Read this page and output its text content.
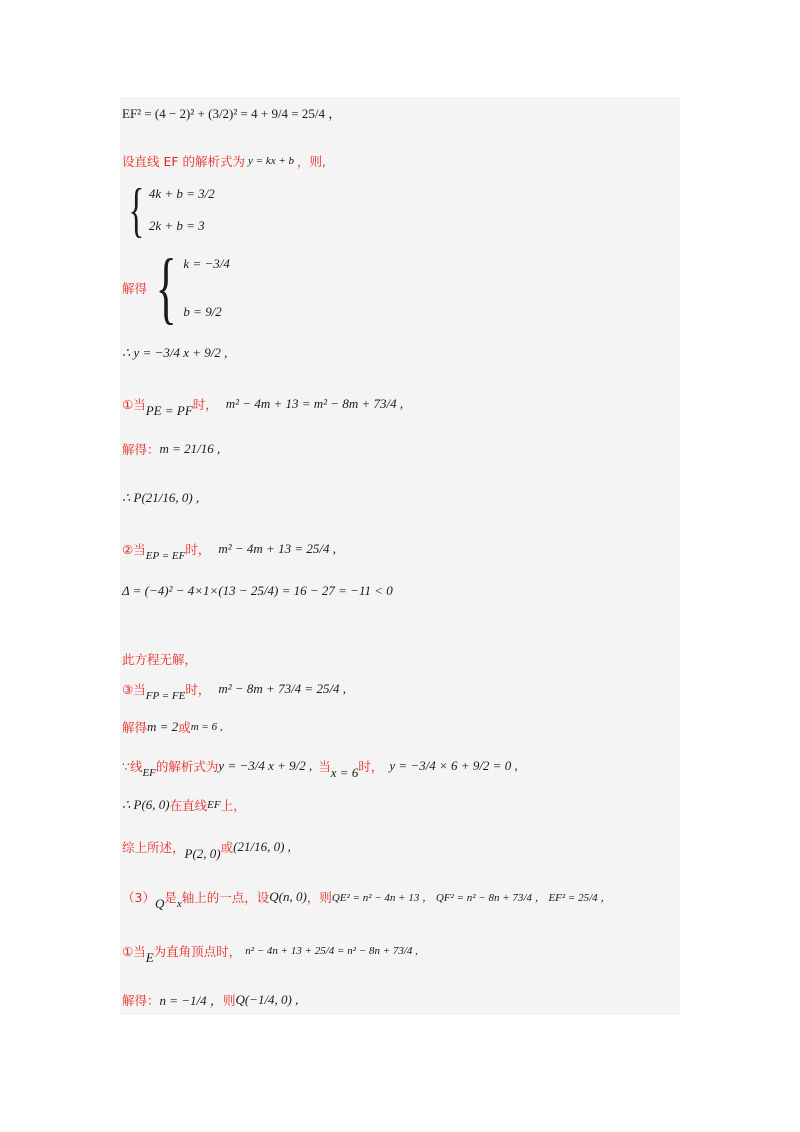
EF² = (4 − 2)² + (3/2)² = 4 + 9/4 = 25/4 ，
设直线 EF 的解析式为 y = kx + b ，则,
{ 4k + b = 3/2
2k + b = 3
解得 { k = −3/4
b = 9/2
∴ y = −3/4 x + 9/2 ,
①当 PE = PF 时， m² − 4m + 13 = m² − 8m + 73/4 ,
解得： m = 21/16 ,
∴ P(21/16, 0) ,
②当 EP = EF 时， m² − 4m + 13 = 25/4 ,
Δ = (−4)² − 4×1×(13 − 25/4) = 16 − 27 = −11 < 0
此方程无解，
③当 FP = FE 时， m² − 8m + 73/4 = 25/4 ,
解得 m = 2 或 m = 6 ,
∵线 EF 的解析式为 y = −3/4 x + 9/2 , 当 x = 6 时， y = −3/4 × 6 + 9/2 = 0 ,
∴ P(6, 0) 在直线 EF 上，
综上所述， P(2, 0) 或 (21/16, 0) ,
（3） Q 是 x 轴上的一点，设 Q(n, 0) ，则 QE² = n² − 4n + 13 ， QF² = n² − 8n + 73/4 ， EF² = 25/4 ，
①当 E 为直角顶点时， n² − 4n + 13 + 25/4 = n² − 8n + 73/4 ,
解得： n = −1/4 ， 则 Q(−1/4, 0) ,
